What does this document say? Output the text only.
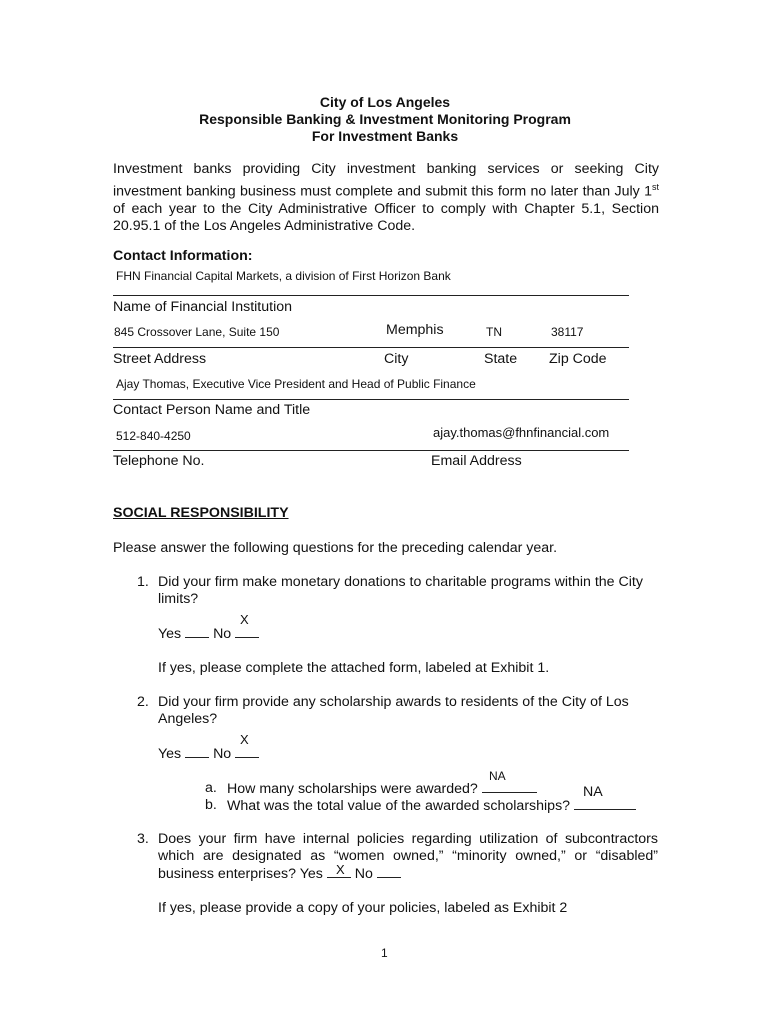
City of Los Angeles
Responsible Banking & Investment Monitoring Program
For Investment Banks
Investment banks providing City investment banking services or seeking City investment banking business must complete and submit this form no later than July 1st of each year to the City Administrative Officer to comply with Chapter 5.1, Section 20.95.1 of the Los Angeles Administrative Code.
Contact Information:
FHN Financial Capital Markets, a division of First Horizon Bank
Name of Financial Institution
845 Crossover Lane, Suite 150	Memphis	TN	38117
Street Address	City	State Zip Code
Ajay Thomas, Executive Vice President and Head of Public Finance
Contact Person Name and Title
512-840-4250	ajay.thomas@fhnfinancial.com
Telephone No.	Email Address
SOCIAL RESPONSIBILITY
Please answer the following questions for the preceding calendar year.
1. Did your firm make monetary donations to charitable programs within the City
limits?
Yes No
X
If yes, please complete the attached form, labeled at Exhibit 1.
2. Did your firm provide any scholarship awards to residents of the City of Los
Angeles?
Yes No
X
a. How many scholarships were awarded?
NA
b. What was the total value of the awarded scholarships?
NA
3. Does your firm have internal policies regarding utilization of subcontractors
which are designated as “women owned,” “minority owned,” or “disabled”
business enterprises? Yes No
X
If yes, please provide a copy of your policies, labeled as Exhibit 2
1
